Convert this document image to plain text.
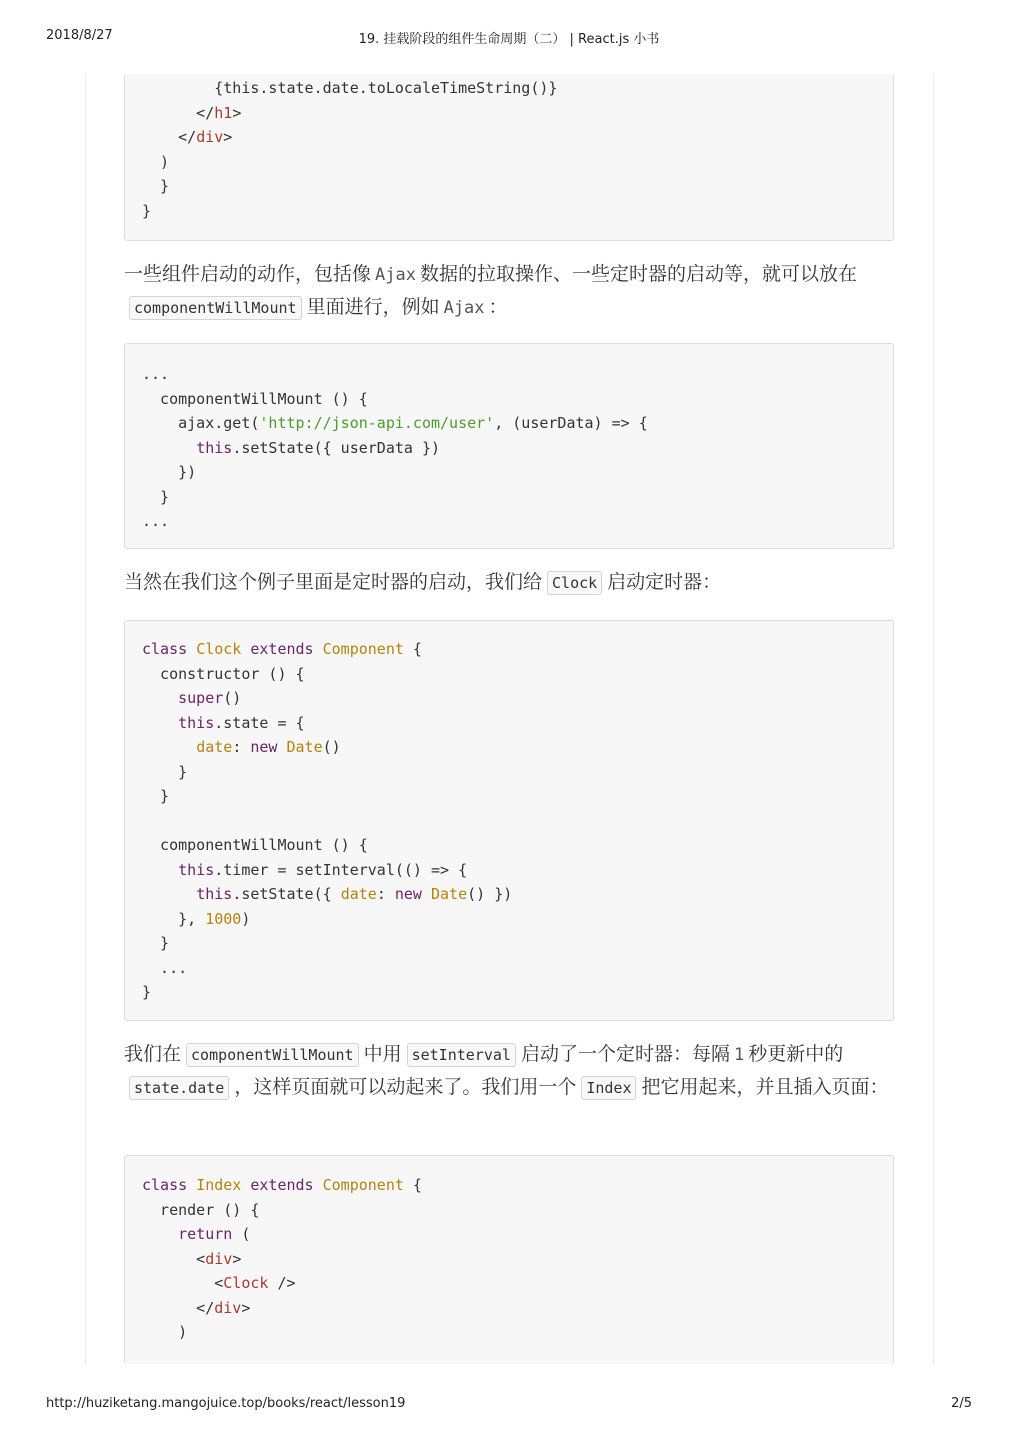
2018/8/27	19. 挂载阶段的组件生命周期（二） | React.js 小书
{this.state.date.toLocaleTimeString()}
</h1>
</div>
)
}
}

一些组件启动的动作，包括像 Ajax 数据的拉取操作、一些定时器的启动等，就可以放在componentWillMount 里面进行，例如 Ajax ：

...
componentWillMount () {
ajax.get('http://json-api.com/user', (userData) => {
this.setState({ userData })
})
}
...

当然在我们这个例子里面是定时器的启动，我们给 Clock 启动定时器：

class Clock extends Component {
constructor () {
super()
this.state = {
date: new Date()
}
}
componentWillMount () {
this.timer = setInterval(() => {
this.setState({ date: new Date() })
}, 1000)
}
...
}

我们在 componentWillMount 中用 setInterval 启动了一个定时器：每隔 1 秒更新中的state.date ，这样页面就可以动起来了。我们用一个 Index 把它用起来，并且插入页面：

class Index extends Component {
render () {
return (
<div>
<Clock />
</div>
)
http://huziketang.mangojuice.top/books/react/lesson19	2/5
